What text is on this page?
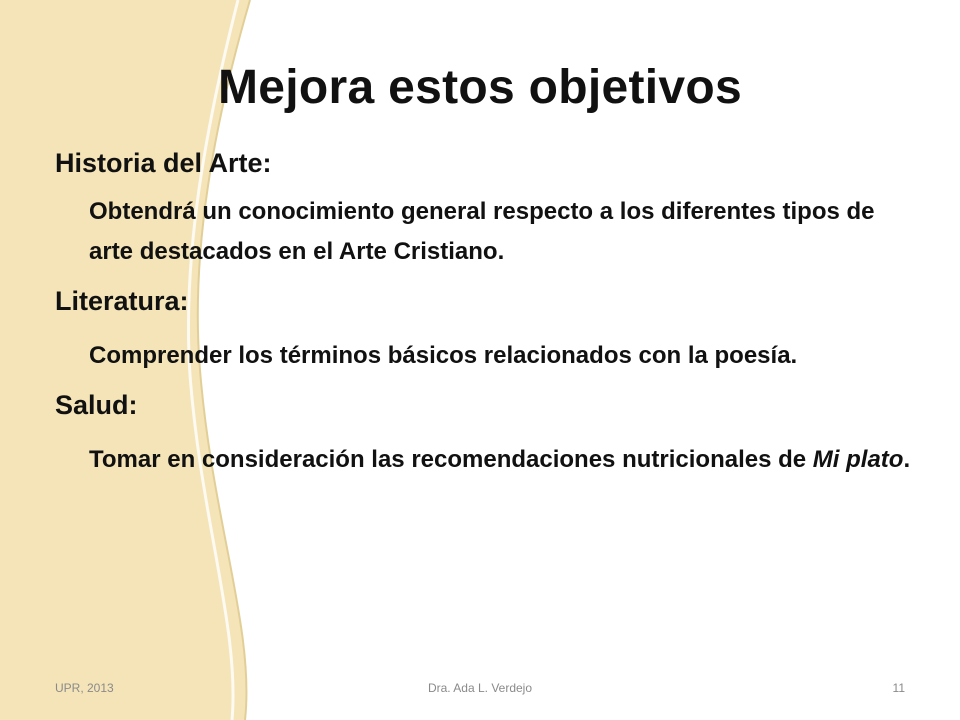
Mejora estos objetivos
Historia del Arte:
Obtendrá un conocimiento general respecto a los diferentes tipos de arte destacados en el Arte Cristiano.
Literatura:
Comprender los términos básicos relacionados con la poesía.
Salud:
Tomar en consideración las recomendaciones nutricionales de Mi plato.
UPR, 2013	Dra. Ada L. Verdejo	11
